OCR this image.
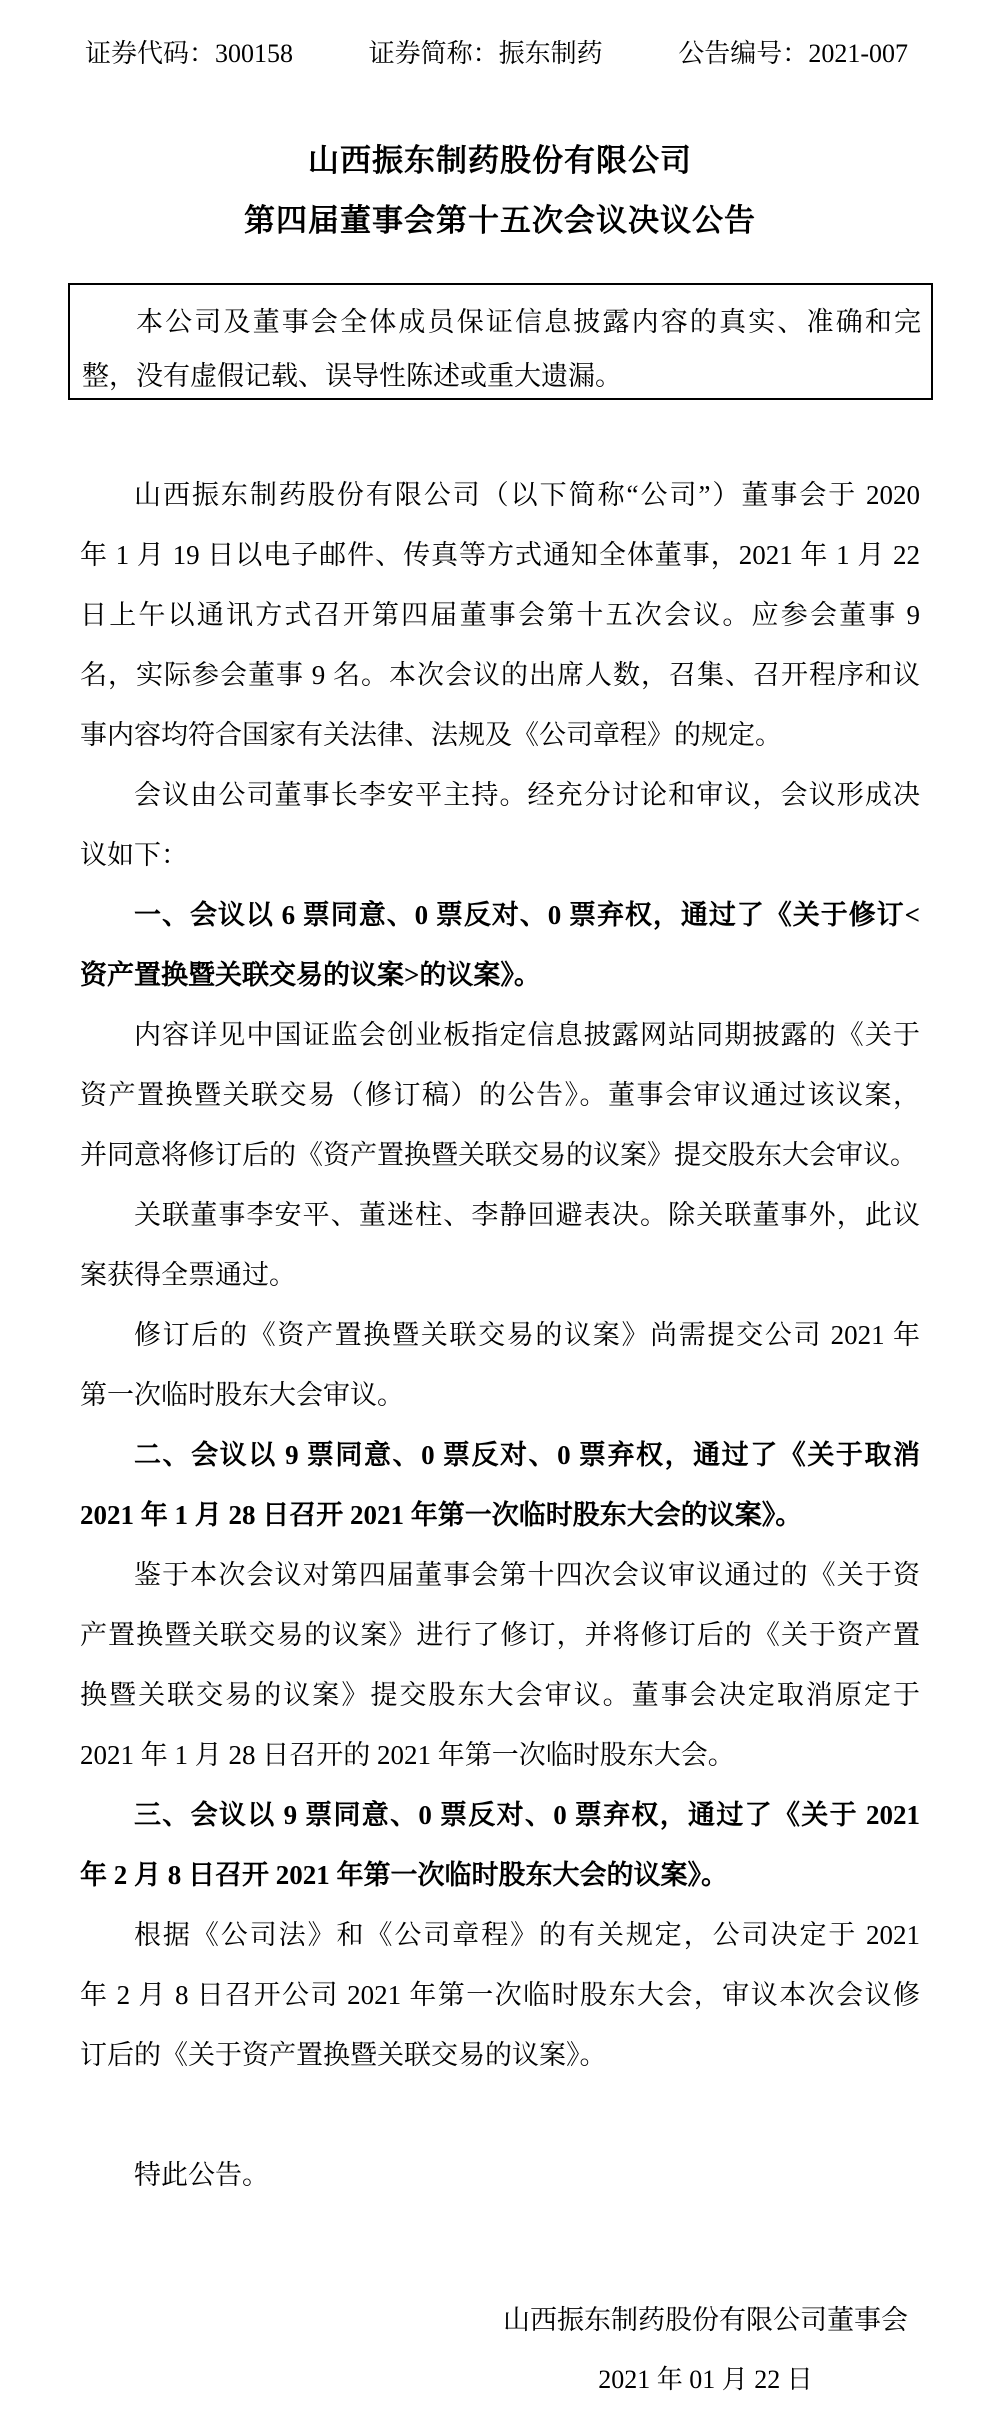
证券代码：300158	证券简称：振东制药	公告编号：2021-007
山西振东制药股份有限公司
第四届董事会第十五次会议决议公告
本公司及董事会全体成员保证信息披露内容的真实、准确和完
整，没有虚假记载、误导性陈述或重大遗漏。
山西振东制药股份有限公司（以下简称“公司”）董事会于 2020
年 1 月 19 日以电子邮件、传真等方式通知全体董事，2021 年 1 月 22
日上午以通讯方式召开第四届董事会第十五次会议。应参会董事 9
名，实际参会董事 9 名。本次会议的出席人数，召集、召开程序和议
事内容均符合国家有关法律、法规及《公司章程》的规定。
会议由公司董事长李安平主持。经充分讨论和审议，会议形成决
议如下：
一、会议以 6 票同意、0 票反对、0 票弃权，通过了《关于修订<
资产置换暨关联交易的议案>的议案》。
内容详见中国证监会创业板指定信息披露网站同期披露的《关于
资产置换暨关联交易（修订稿）的公告》。董事会审议通过该议案，
并同意将修订后的《资产置换暨关联交易的议案》提交股东大会审议。
关联董事李安平、董迷柱、李静回避表决。除关联董事外，此议
案获得全票通过。
修订后的《资产置换暨关联交易的议案》尚需提交公司 2021 年
第一次临时股东大会审议。
二、会议以 9 票同意、0 票反对、0 票弃权，通过了《关于取消
2021 年 1 月 28 日召开 2021 年第一次临时股东大会的议案》。
鉴于本次会议对第四届董事会第十四次会议审议通过的《关于资
产置换暨关联交易的议案》进行了修订，并将修订后的《关于资产置
换暨关联交易的议案》提交股东大会审议。董事会决定取消原定于
2021 年 1 月 28 日召开的 2021 年第一次临时股东大会。
三、会议以 9 票同意、0 票反对、0 票弃权，通过了《关于 2021
年 2 月 8 日召开 2021 年第一次临时股东大会的议案》。
根据《公司法》和《公司章程》的有关规定，公司决定于 2021
年 2 月 8 日召开公司 2021 年第一次临时股东大会，审议本次会议修
订后的《关于资产置换暨关联交易的议案》。
特此公告。
山西振东制药股份有限公司董事会
2021 年 01 月 22 日
